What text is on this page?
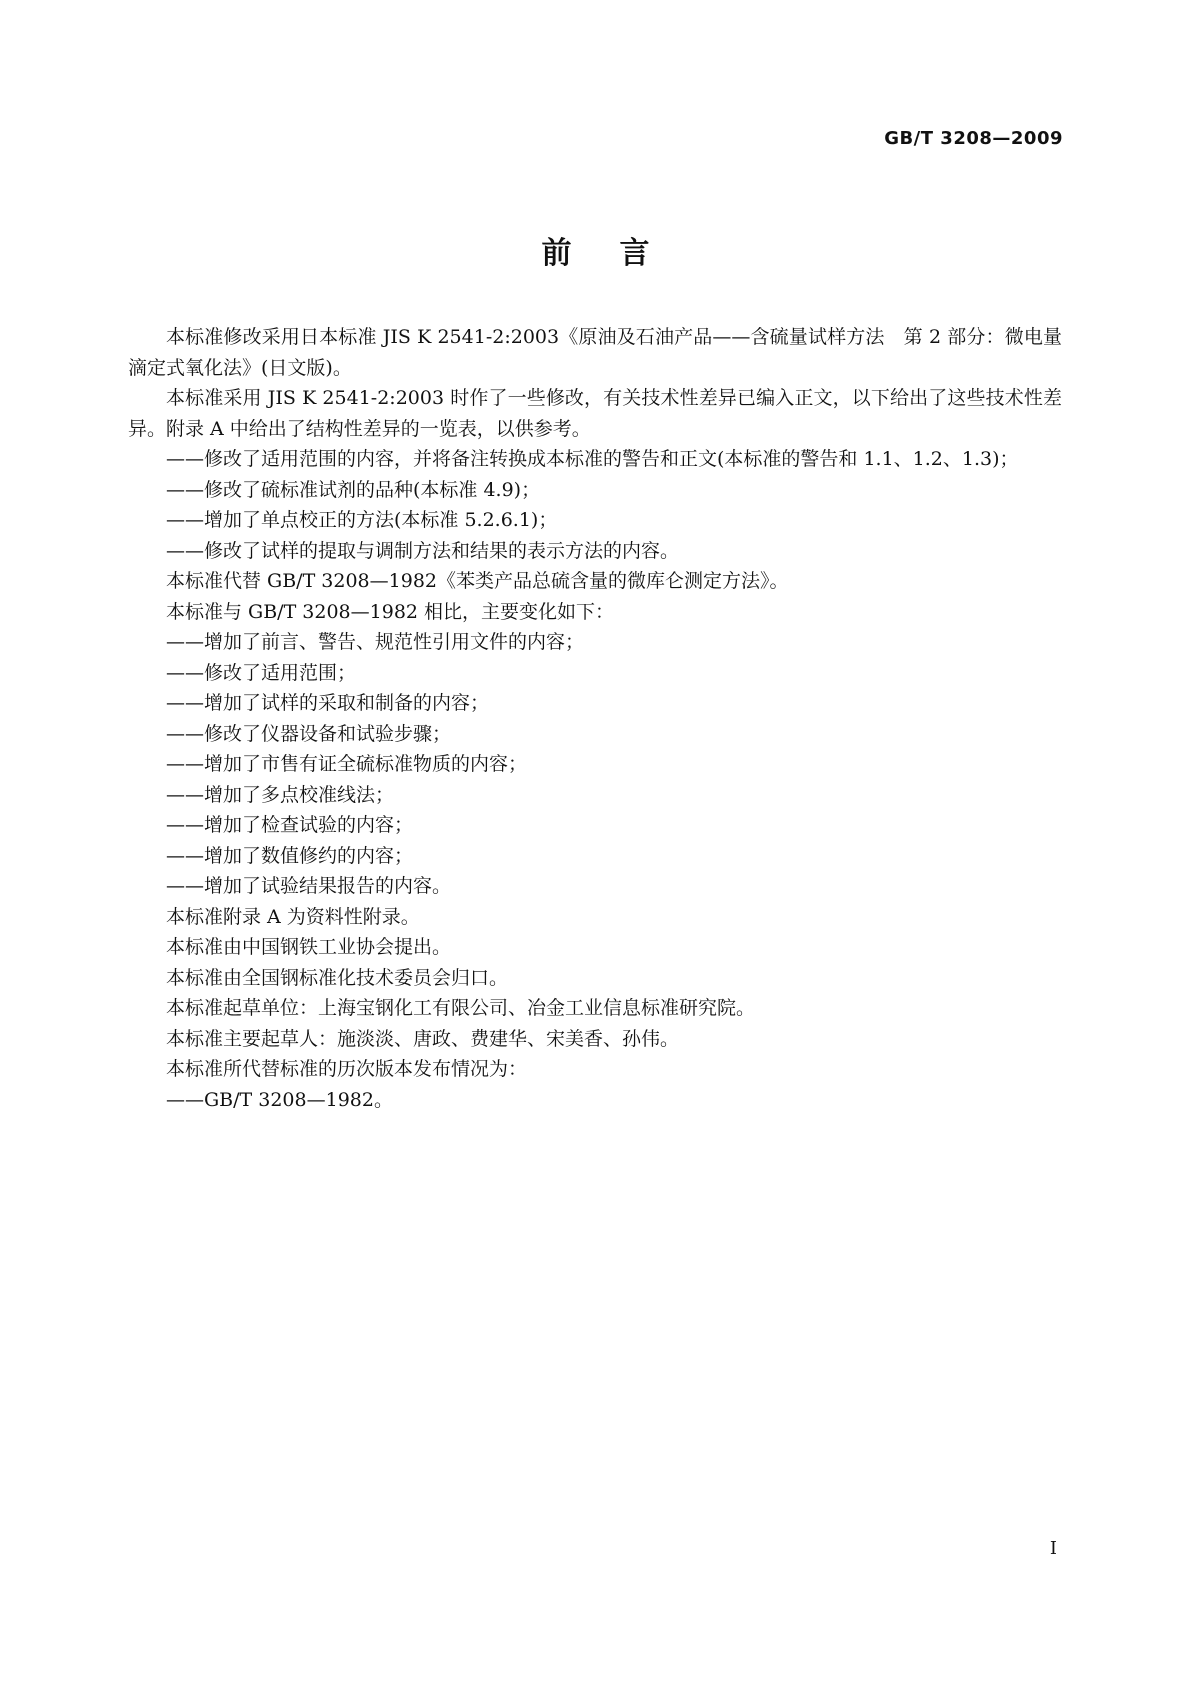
GB/T 3208—2009
前言

本标准修改采用日本标准 JIS K 2541-2:2003《原油及石油产品——含硫量试样方法　第 2 部分：微电量滴定式氧化法》(日文版)。

本标准采用 JIS K 2541-2:2003 时作了一些修改，有关技术性差异已编入正文，以下给出了这些技术性差异。附录 A 中给出了结构性差异的一览表，以供参考。

——修改了适用范围的内容，并将备注转换成本标准的警告和正文(本标准的警告和 1.1、1.2、1.3)；

——修改了硫标准试剂的品种(本标准 4.9)；

——增加了单点校正的方法(本标准 5.2.6.1)；

——修改了试样的提取与调制方法和结果的表示方法的内容。

本标准代替 GB/T 3208—1982《苯类产品总硫含量的微库仑测定方法》。

本标准与 GB/T 3208—1982 相比，主要变化如下：

——增加了前言、警告、规范性引用文件的内容；

——修改了适用范围；

——增加了试样的采取和制备的内容；

——修改了仪器设备和试验步骤；

——增加了市售有证全硫标准物质的内容；

——增加了多点校准线法；

——增加了检查试验的内容；

——增加了数值修约的内容；

——增加了试验结果报告的内容。

本标准附录 A 为资料性附录。

本标准由中国钢铁工业协会提出。

本标准由全国钢标准化技术委员会归口。

本标准起草单位：上海宝钢化工有限公司、冶金工业信息标准研究院。

本标准主要起草人：施淡淡、唐政、费建华、宋美香、孙伟。

本标准所代替标准的历次版本发布情况为：

——GB/T 3208—1982。

I
